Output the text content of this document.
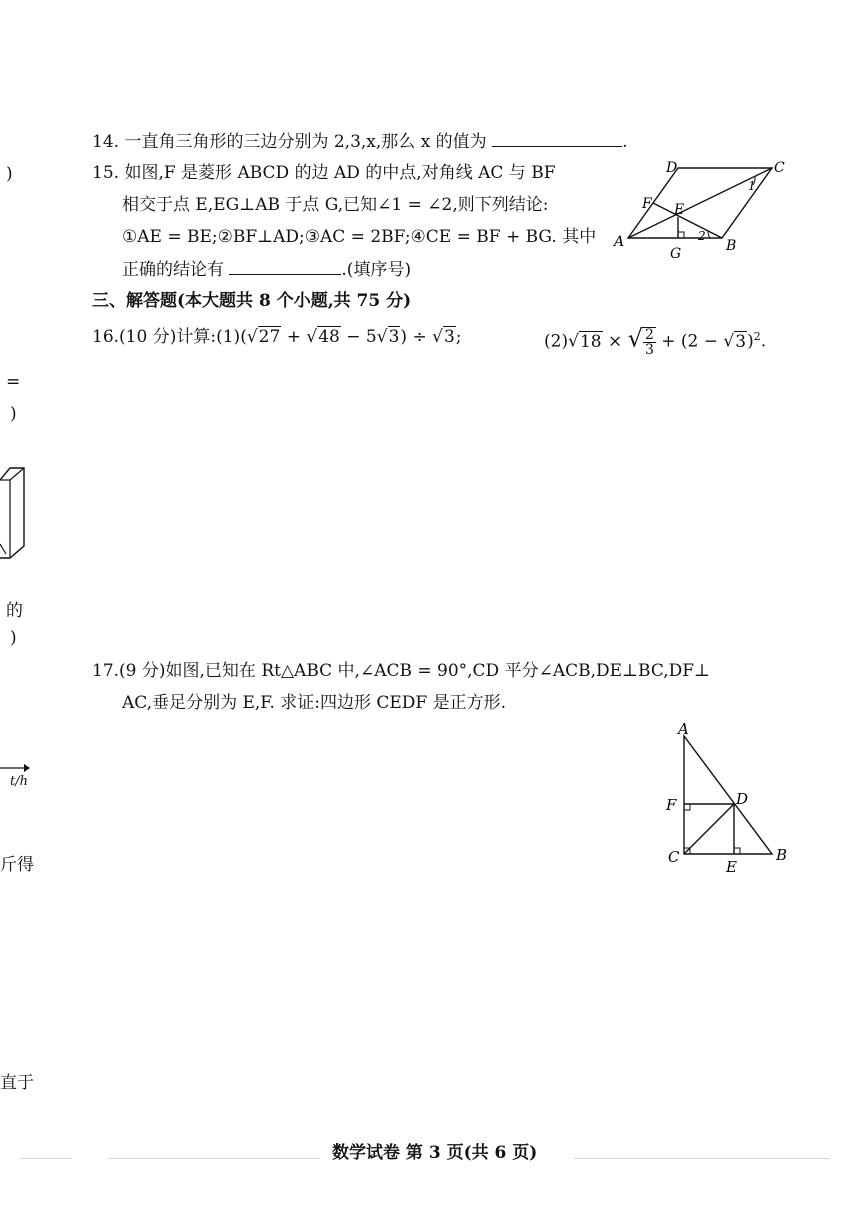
)
=
)
的
)
t/h
斤得
直于
14. 一直角三角形的三边分别为 2,3,x,那么 x 的值为	.
15. 如图,F 是菱形 ABCD 的边 AD 的中点,对角线 AC 与 BF
相交于点 E,EG⊥AB 于点 G,已知∠1 = ∠2,则下列结论:
①AE = BE;②BF⊥AD;③AC = 2BF;④CE = BF + BG. 其中
正确的结论有	.(填序号)
A	B
C
D
E
F
G
1
2
三、解答题(本大题共 8 个小题,共 75 分)
16.(10 分)计算:(1)(√27 + √48 − 5√3) ÷ √3;	(2)√18 × √ $\frac{2}{3} + (2 - √3)^2$.
17.(9 分)如图,已知在 Rt△ABC 中,∠ACB = 90°,CD 平分∠ACB,DE⊥BC,DF⊥
AC,垂足分别为 E,F. 求证:四边形 CEDF 是正方形.
A
B
C
D
E
F
数学试卷 第 3 页(共 6 页)
